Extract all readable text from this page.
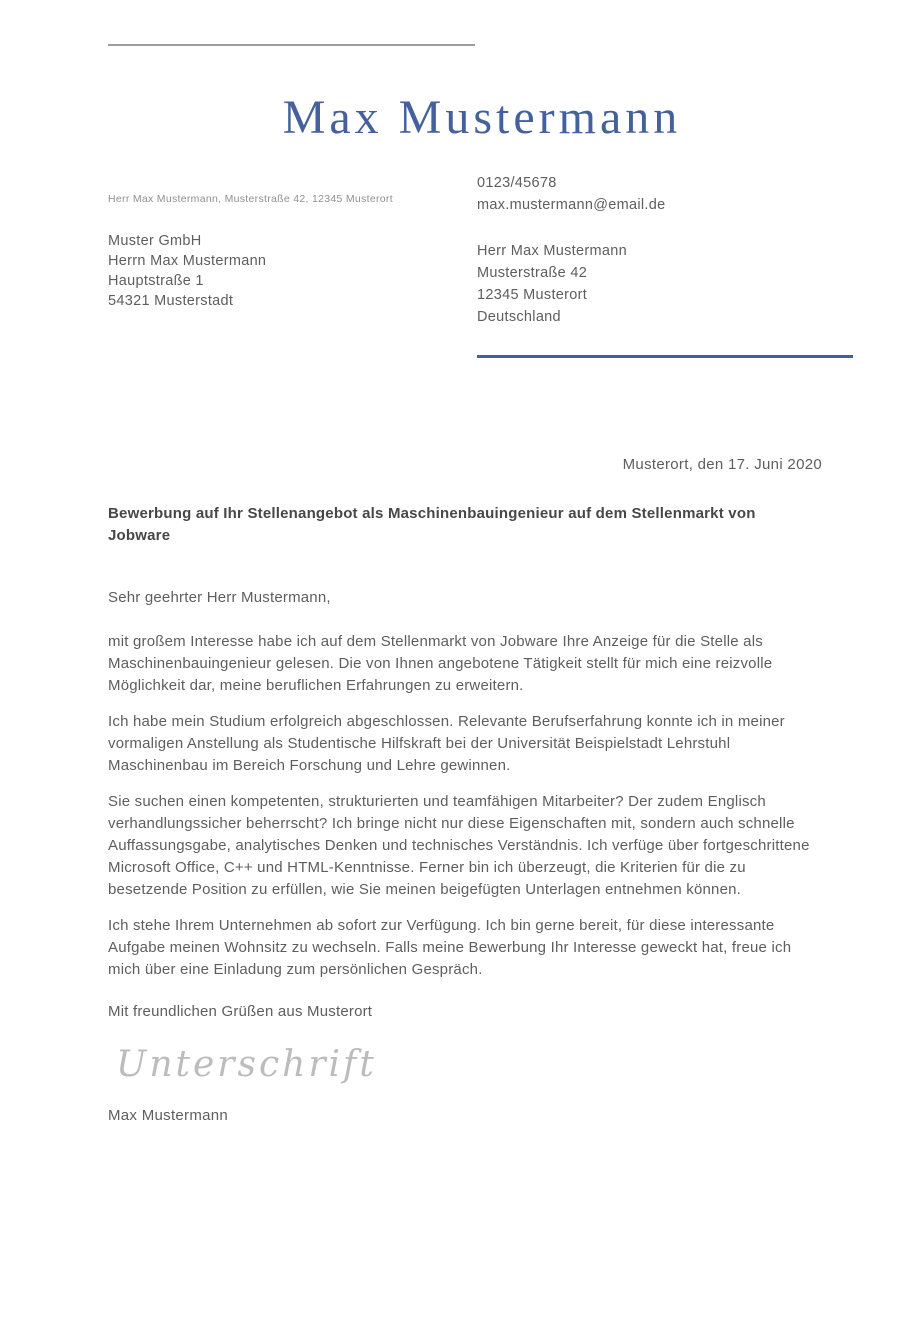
Max Mustermann
Herr Max Mustermann, Musterstraße 42, 12345 Musterort
Muster GmbH
Herrn Max Mustermann
Hauptstraße 1
54321 Musterstadt
0123/45678
max.mustermann@email.de
Herr Max Mustermann
Musterstraße 42
12345 Musterort
Deutschland
Musterort, den 17. Juni 2020
Bewerbung auf Ihr Stellenangebot als Maschinenbauingenieur auf dem Stellenmarkt von Jobware
Sehr geehrter Herr Mustermann,

mit großem Interesse habe ich auf dem Stellenmarkt von Jobware Ihre Anzeige für die Stelle als Maschinenbauingenieur gelesen. Die von Ihnen angebotene Tätigkeit stellt für mich eine reizvolle Möglichkeit dar, meine beruflichen Erfahrungen zu erweitern.

Ich habe mein Studium erfolgreich abgeschlossen. Relevante Berufserfahrung konnte ich in meiner vormaligen Anstellung als Studentische Hilfskraft bei der Universität Beispielstadt Lehrstuhl Maschinenbau im Bereich Forschung und Lehre gewinnen.

Sie suchen einen kompetenten, strukturierten und teamfähigen Mitarbeiter? Der zudem Englisch verhandlungssicher beherrscht? Ich bringe nicht nur diese Eigenschaften mit, sondern auch schnelle Auffassungsgabe, analytisches Denken und technisches Verständnis. Ich verfüge über fortgeschrittene Microsoft Office, C++ und HTML-Kenntnisse. Ferner bin ich überzeugt, die Kriterien für die zu besetzende Position zu erfüllen, wie Sie meinen beigefügten Unterlagen entnehmen können.

Ich stehe Ihrem Unternehmen ab sofort zur Verfügung. Ich bin gerne bereit, für diese interessante Aufgabe meinen Wohnsitz zu wechseln. Falls meine Bewerbung Ihr Interesse geweckt hat, freue ich mich über eine Einladung zum persönlichen Gespräch.

Mit freundlichen Grüßen aus Musterort
Unterschrift
Max Mustermann
